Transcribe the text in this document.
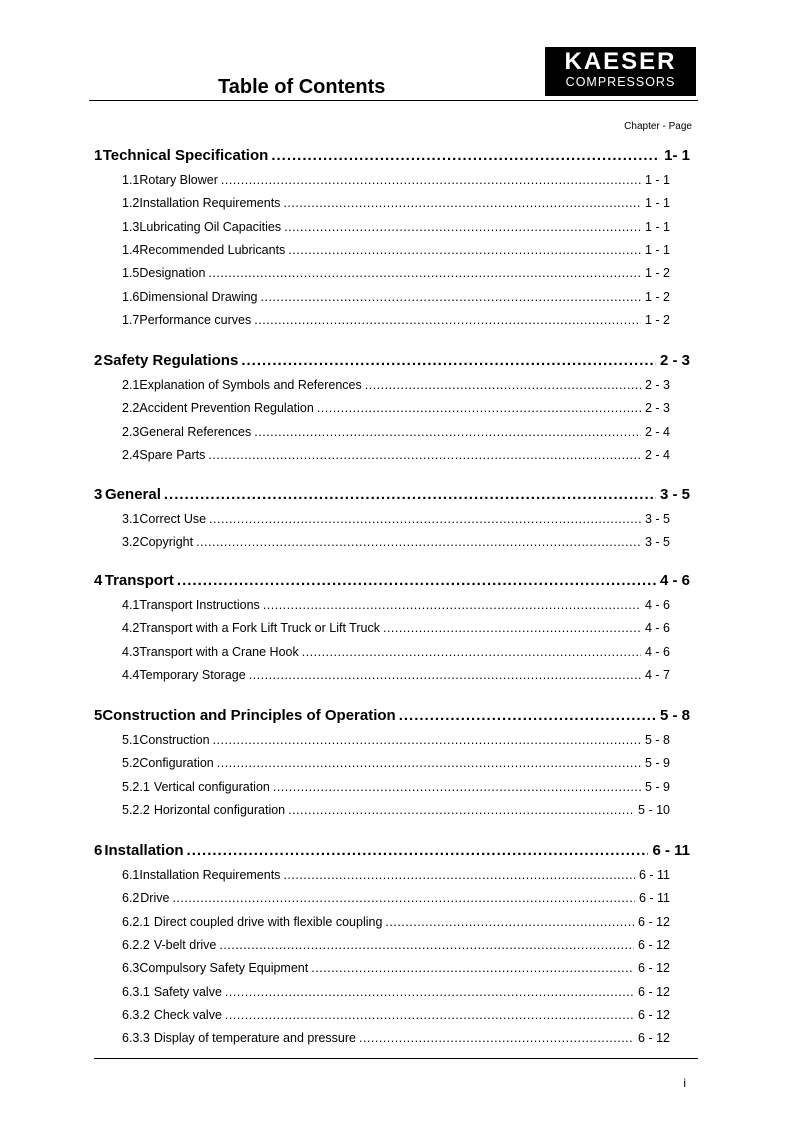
Table of Contents
KAESER
COMPRESSORS
Chapter - Page
1 Technical Specification .....	1- 1
1.1 Rotary Blower .....	1 - 1
1.2 Installation Requirements .....	1 - 1
1.3 Lubricating Oil Capacities .....	1 - 1
1.4 Recommended Lubricants .....	1 - 1
1.5 Designation .....	1 - 2
1.6 Dimensional Drawing .....	1 - 2
1.7 Performance curves .....	1 - 2
2 Safety Regulations .....	2 - 3
2.1 Explanation of Symbols and References .....	2 - 3
2.2 Accident Prevention Regulation .....	2 - 3
2.3 General References .....	2 - 4
2.4 Spare Parts .....	2 - 4
3 General .....	3 - 5
3.1 Correct Use .....	3 - 5
3.2 Copyright .....	3 - 5
4 Transport .....	4 - 6
4.1 Transport Instructions .....	4 - 6
4.2 Transport with a Fork Lift Truck or Lift Truck .....	4 - 6
4.3 Transport with a Crane Hook .....	4 - 6
4.4 Temporary Storage .....	4 - 7
5 Construction and Principles of Operation .....	5 - 8
5.1 Construction .....	5 - 8
5.2 Configuration .....	5 - 9
5.2.1 Vertical configuration .....	5 - 9
5.2.2 Horizontal configuration .....	5 - 10
6 Installation .....	6 - 11
6.1 Installation Requirements .....	6 - 11
6.2 Drive .....	6 - 11
6.2.1 Direct coupled drive with flexible coupling .....	6 - 12
6.2.2 V-belt drive .....	6 - 12
6.3 Compulsory Safety Equipment .....	6 - 12
6.3.1 Safety valve .....	6 - 12
6.3.2 Check valve .....	6 - 12
6.3.3 Display of temperature and pressure .....	6 - 12
i
